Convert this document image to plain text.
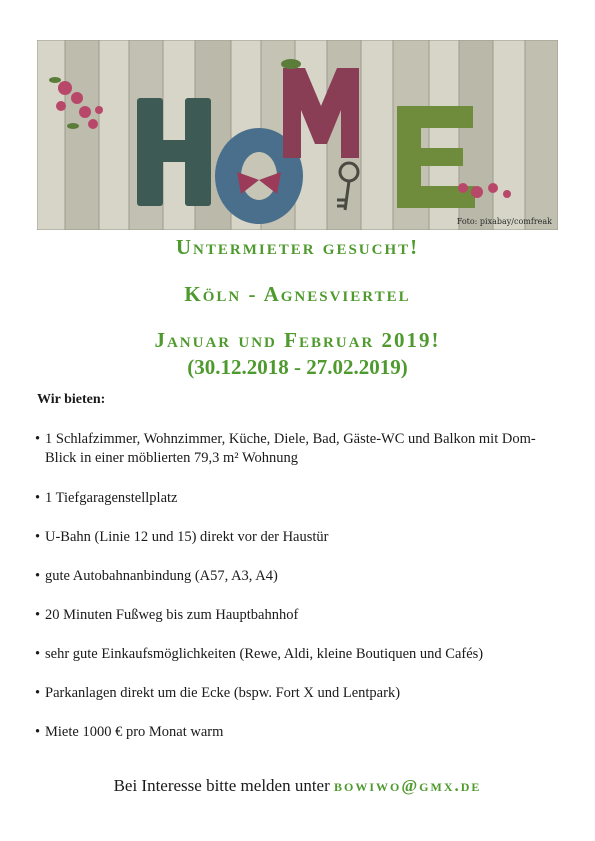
Foto: pixabay/comfreak
Untermieter gesucht!
Köln - Agnesviertel
Januar und Februar 2019!
(30.12.2018 - 27.02.2019)
Wir bieten:
• 1 Schlafzimmer, Wohnzimmer, Küche, Diele, Bad, Gäste-WC und Balkon mit Dom-Blick in einer möblierten 79,3 m² Wohnung
• 1 Tiefgaragenstellplatz
• U-Bahn (Linie 12 und 15) direkt vor der Haustür
• gute Autobahnanbindung (A57, A3, A4)
• 20 Minuten Fußweg bis zum Hauptbahnhof
• sehr gute Einkaufsmöglichkeiten (Rewe, Aldi, kleine Boutiquen und Cafés)
• Parkanlagen direkt um die Ecke (bspw. Fort X und Lentpark)
• Miete 1000 € pro Monat warm
Bei Interesse bitte melden unter bowiwo@gmx.de
